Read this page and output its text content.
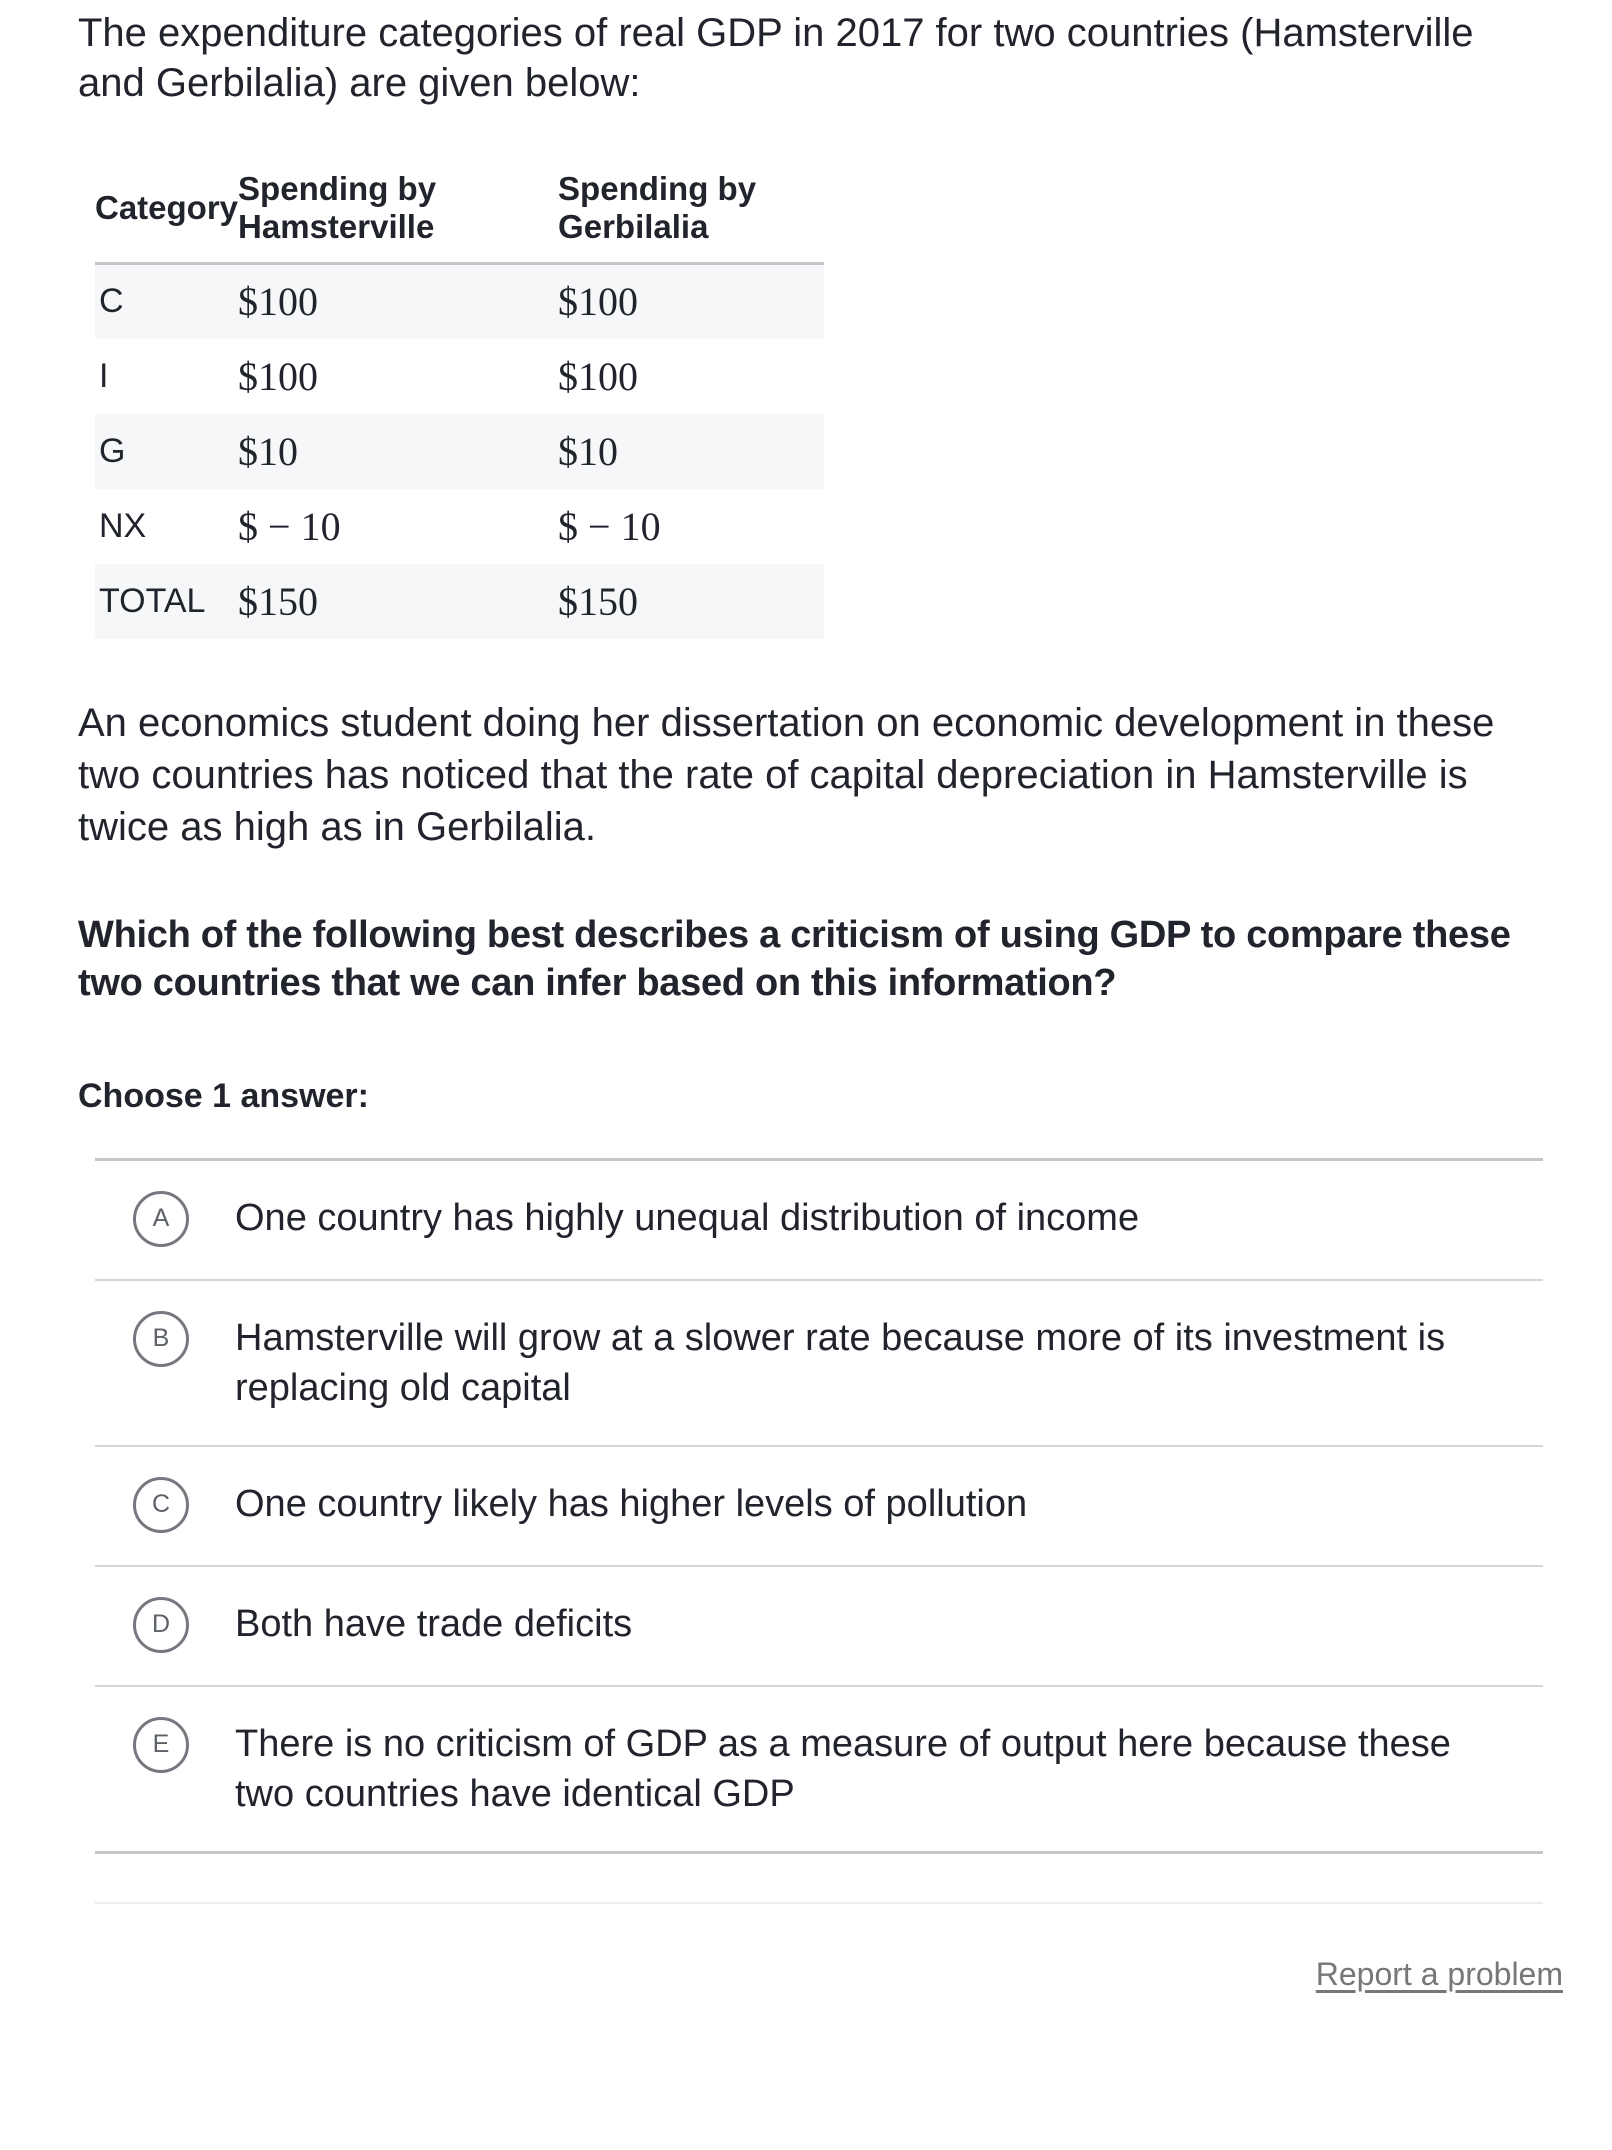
The expenditure categories of real GDP in 2017 for two countries (Hamsterville and Gerbilalia) are given below:

Category	Spending by Hamsterville	Spending by Gerbilalia
C	$100	$100
I	$100	$100
G	$10	$10
NX	$ − 10	$ − 10
TOTAL	$150	$150

An economics student doing her dissertation on economic development in these two countries has noticed that the rate of capital depreciation in Hamsterville is twice as high as in Gerbilalia.

Which of the following best describes a criticism of using GDP to compare these two countries that we can infer based on this information?

Choose 1 answer:
A One country has highly unequal distribution of income
B Hamsterville will grow at a slower rate because more of its investment is replacing old capital
C One country likely has higher levels of pollution
D Both have trade deficits
E There is no criticism of GDP as a measure of output here because these two countries have identical GDP
Report a problem
